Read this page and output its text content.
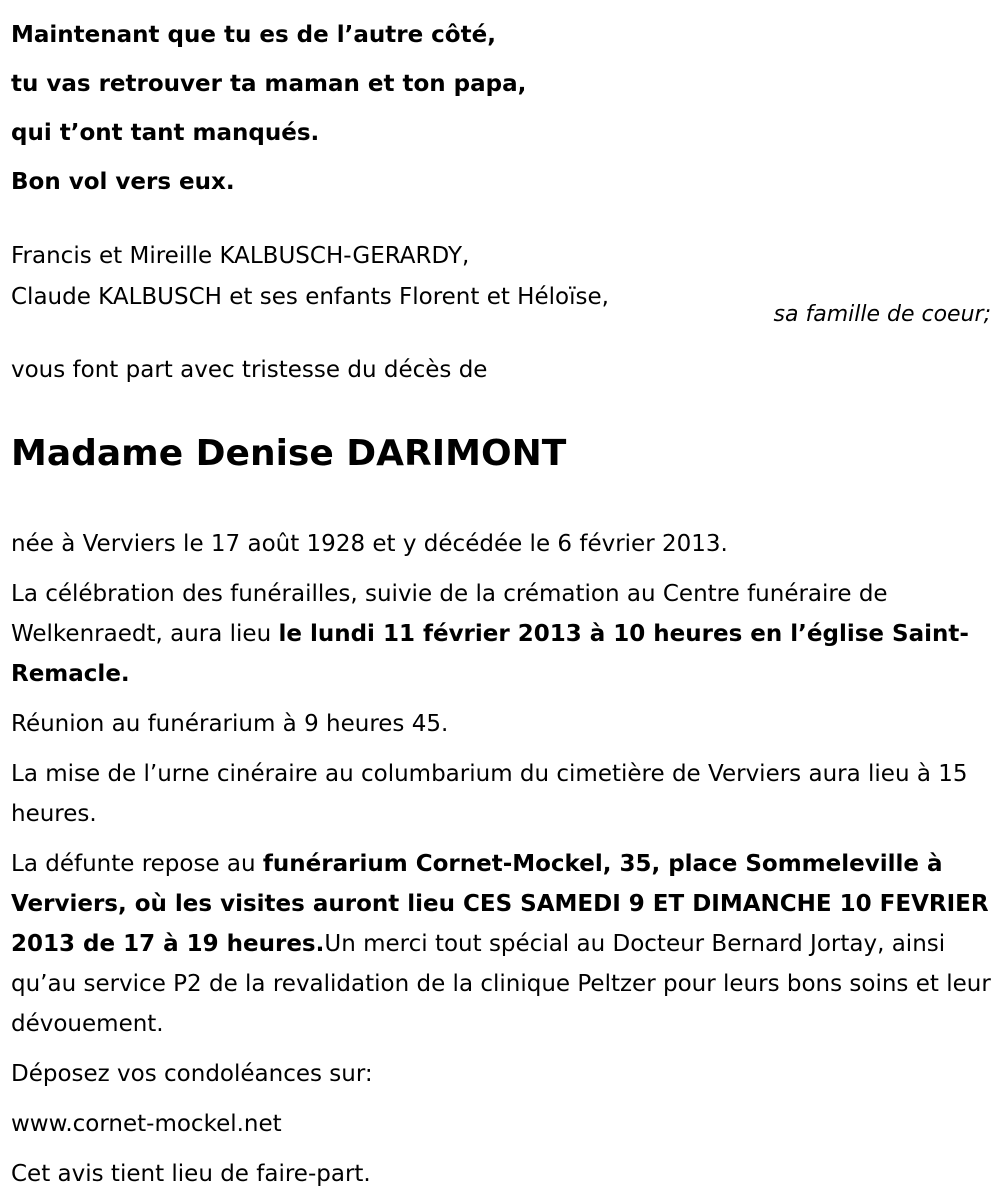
Maintenant que tu es de l’autre côté,
tu vas retrouver ta maman et ton papa,
qui t’ont tant manqués.
Bon vol vers eux.
Francis et Mireille KALBUSCH-GERARDY,
Claude KALBUSCH et ses enfants Florent et Héloïse,
sa famille de coeur;
vous font part avec tristesse du décès de
Madame Denise DARIMONT

née à Verviers le 17 août 1928 et y décédée le 6 février 2013.

La célébration des funérailles, suivie de la crémation au Centre funéraire de Welkenraedt, aura lieu le lundi 11 février 2013 à 10 heures en l’église Saint-Remacle.

Réunion au funérarium à 9 heures 45.

La mise de l’urne cinéraire au columbarium du cimetière de Verviers aura lieu à 15 heures.

La défunte repose au funérarium Cornet-Mockel, 35, place Sommeleville à Verviers, où les visites auront lieu CES SAMEDI 9 ET DIMANCHE 10 FEVRIER 2013 de 17 à 19 heures.Un merci tout spécial au Docteur Bernard Jortay, ainsi qu’au service P2 de la revalidation de la clinique Peltzer pour leurs bons soins et leur dévouement.

Déposez vos condoléances sur:

www.cornet-mockel.net

Cet avis tient lieu de faire-part.
